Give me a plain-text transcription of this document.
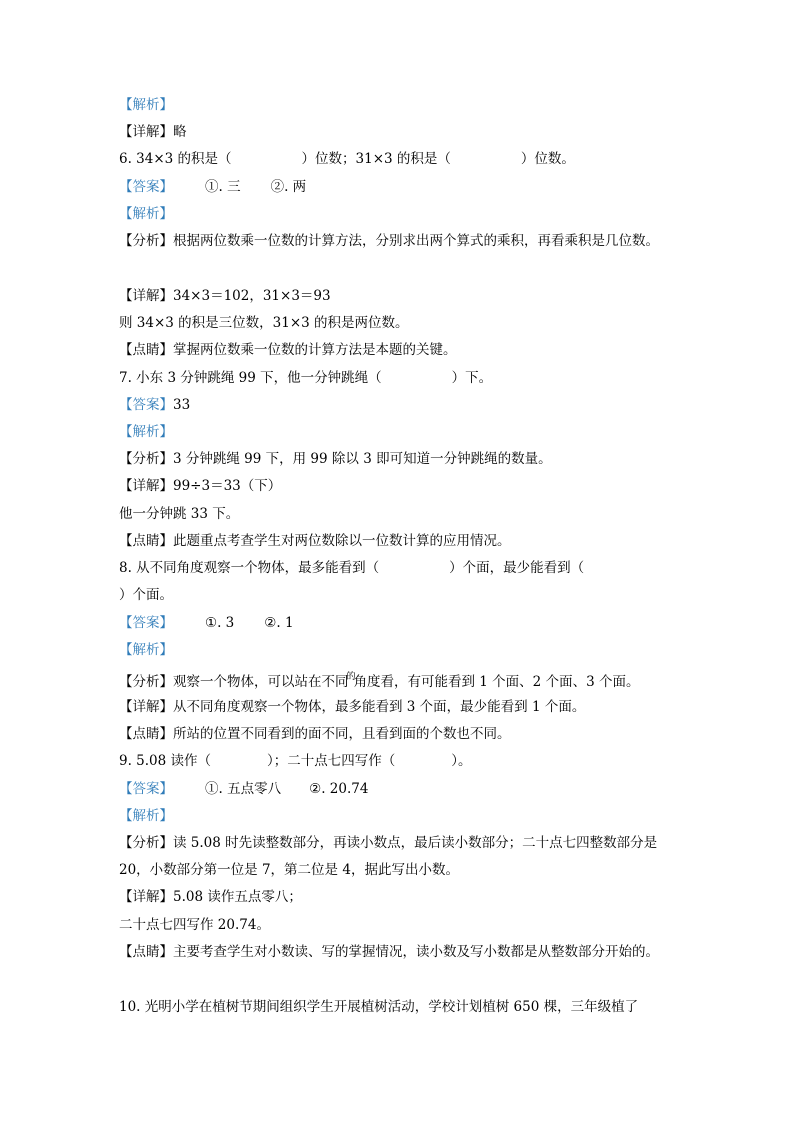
【解析】
【详解】略
6. 34×3 的积是（	）位数；31×3 的积是（	）位数。
【答案】 ①. 三 ②. 两
【解析】
【分析】根据两位数乘一位数的计算方法，分别求出两个算式的乘积，再看乘积是几位数。
【详解】34×3＝102，31×3＝93
则 34×3 的积是三位数，31×3 的积是两位数。
【点睛】掌握两位数乘一位数的计算方法是本题的关键。
7. 小东 3 分钟跳绳 99 下，他一分钟跳绳（	）下。
【答案】33
【解析】
【分析】3 分钟跳绳 99 下，用 99 除以 3 即可知道一分钟跳绳的数量。
【详解】99÷3＝33（下）
他一分钟跳 33 下。
【点睛】此题重点考查学生对两位数除以一位数计算的应用情况。
8. 从不同角度观察一个物体，最多能看到（	）个面，最少能看到（
）个面。
【答案】 ①. 3 ②. 1
【解析】
【分析】观察一个物体，可以站在不同$^的$角度看，有可能看到 1 个面、2 个面、3 个面。
【详解】从不同角度观察一个物体，最多能看到 3 个面，最少能看到 1 个面。
【点睛】所站的位置不同看到的面不同，且看到面的个数也不同。
9. 5.08 读作（	）；二十点七四写作（	）。
【答案】 ①. 五点零八 ②. 20.74
【解析】
【分析】读 5.08 时先读整数部分，再读小数点，最后读小数部分；二十点七四整数部分是
20，小数部分第一位是 7，第二位是 4，据此写出小数。
【详解】5.08 读作五点零八；
二十点七四写作 20.74。
【点睛】主要考查学生对小数读、写的掌握情况，读小数及写小数都是从整数部分开始的。
10. 光明小学在植树节期间组织学生开展植树活动，学校计划植树 650 棵，三年级植了
